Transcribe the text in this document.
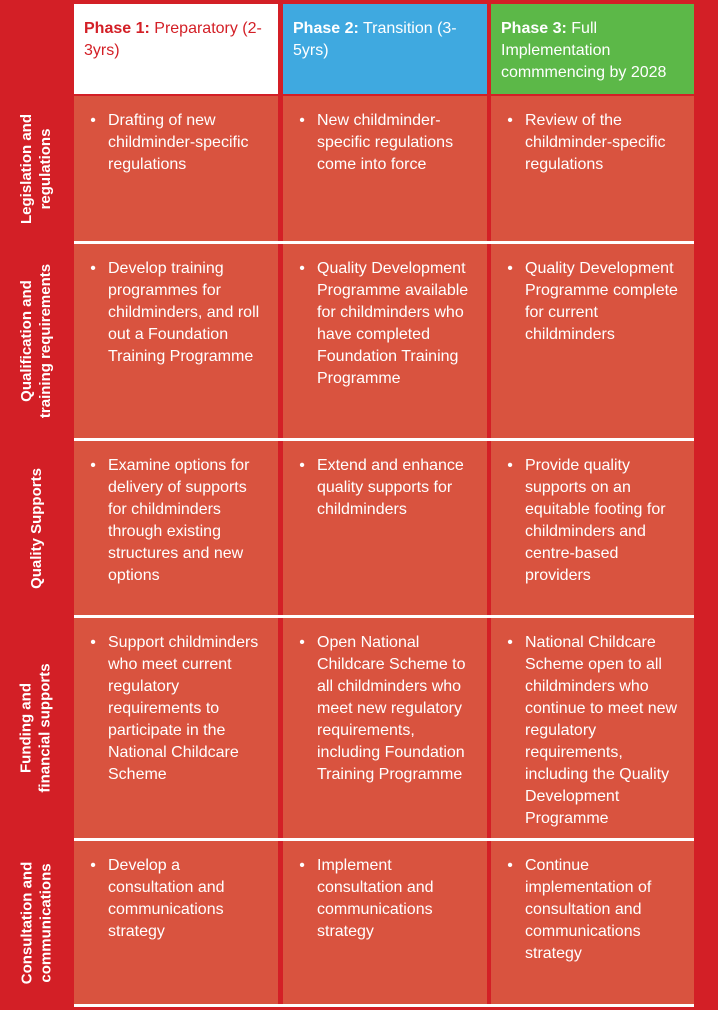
Phase 1: Preparatory (2-3yrs)
Phase 2: Transition (3-5yrs)
Phase 3: Full Implementation commmencing by 2028
Legislation and regulations
• Drafting of new childminder-specific regulations
• New childminder-specific regulations come into force
• Review of the childminder-specific regulations
Qualification and training requirements • Develop training programmes for childminders, and roll out a Foundation Training Programme
• Quality Development Programme available for childminders who have completed Foundation Training Programme
• Quality Development Programme complete for current childminders
Quality Supports
• Examine options for delivery of supports for childminders through existing structures and new options
• Extend and enhance quality supports for childminders
• Provide quality supports on an equitable footing for childminders and centre-based providers
Funding and financial supports
• Support childminders who meet current regulatory requirements to participate in the National Childcare Scheme
• Open National Childcare Scheme to all childminders who meet new regulatory requirements, including Foundation Training Programme
• National Childcare Scheme open to all childminders who continue to meet new regulatory requirements, including the Quality Development Programme
Consultation and communications • Develop a consultation and communications strategy
• Implement consultation and communications strategy
• Continue implementation of consultation and communications strategy
